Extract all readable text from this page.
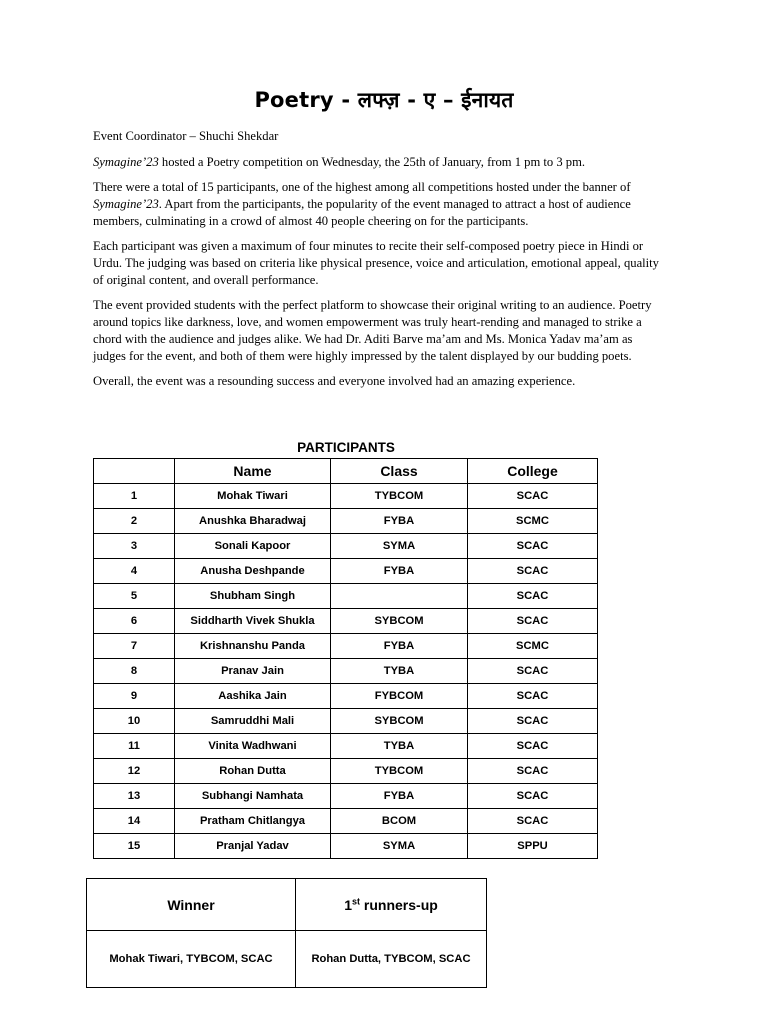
Poetry - लफ्ज़ - ए – ईनायत

Event Coordinator – Shuchi Shekdar

Symagine’23 hosted a Poetry competition on Wednesday, the 25th of January, from 1 pm to 3 pm.

There were a total of 15 participants, one of the highest among all competitions hosted under the banner of Symagine’23. Apart from the participants, the popularity of the event managed to attract a host of audience members, culminating in a crowd of almost 40 people cheering on for the participants.

Each participant was given a maximum of four minutes to recite their self-composed poetry piece in Hindi or Urdu. The judging was based on criteria like physical presence, voice and articulation, emotional appeal, quality of original content, and overall performance.

The event provided students with the perfect platform to showcase their original writing to an audience. Poetry around topics like darkness, love, and women empowerment was truly heart-rending and managed to strike a chord with the audience and judges alike. We had Dr. Aditi Barve ma’am and Ms. Monica Yadav ma’am as judges for the event, and both of them were highly impressed by the talent displayed by our budding poets.

Overall, the event was a resounding success and everyone involved had an amazing experience.

PARTICIPANTS
	Name	Class	College
1	Mohak Tiwari	TYBCOM	SCAC
2	Anushka Bharadwaj	FYBA	SCMC
3	Sonali Kapoor	SYMA	SCAC
4	Anusha Deshpande	FYBA	SCAC
5	Shubham Singh		SCAC
6	Siddharth Vivek Shukla	SYBCOM	SCAC
7	Krishnanshu Panda	FYBA	SCMC
8	Pranav Jain	TYBA	SCAC
9	Aashika Jain	FYBCOM	SCAC
10	Samruddhi Mali	SYBCOM	SCAC
11	Vinita Wadhwani	TYBA	SCAC
12	Rohan Dutta	TYBCOM	SCAC
13	Subhangi Namhata	FYBA	SCAC
14	Pratham Chitlangya	BCOM	SCAC
15	Pranjal Yadav	SYMA	SPPU
Winner	1st runners-up
Mohak Tiwari, TYBCOM, SCAC	Rohan Dutta, TYBCOM, SCAC
